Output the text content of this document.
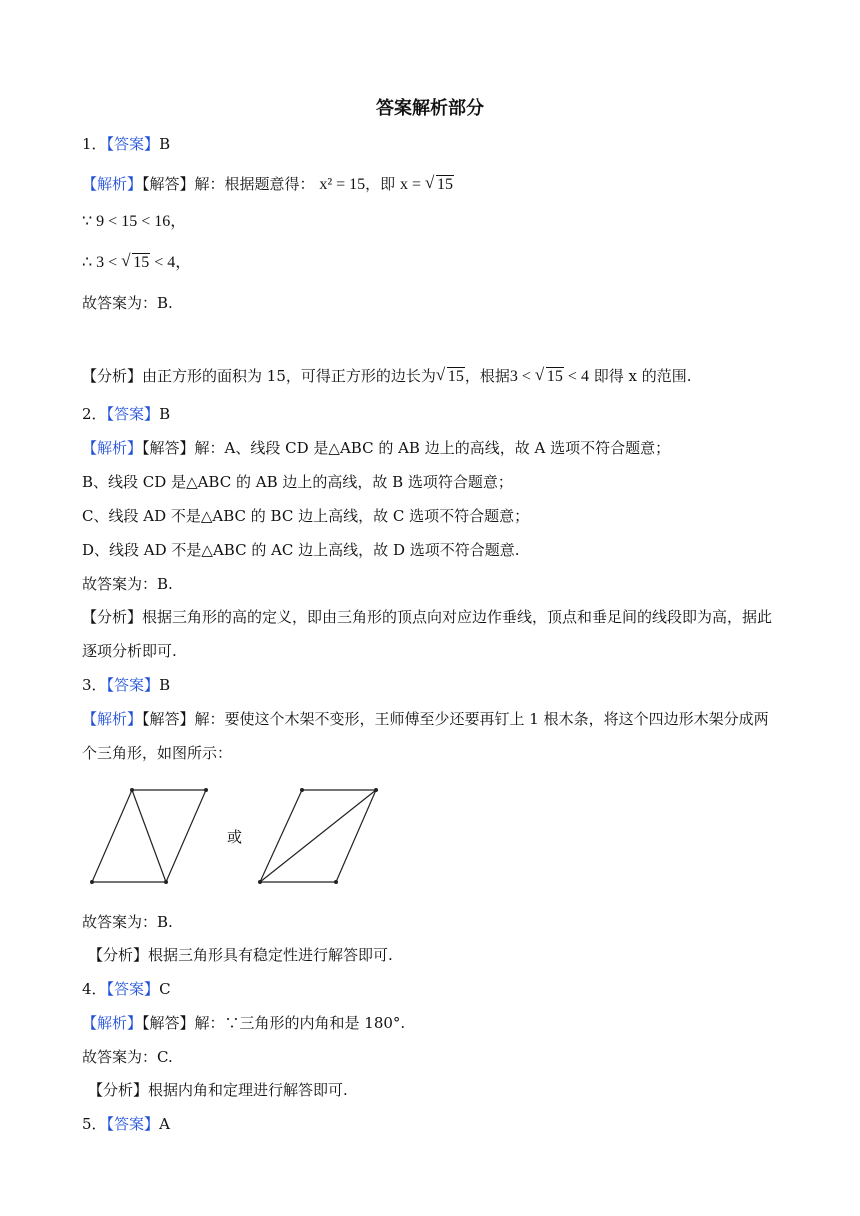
答案解析部分
1．【答案】B
【解析】【解答】解：根据题意得： x² = 15，即 x = √ 15
∵ 9 < 15 < 16，
∴ 3 < √ 15 < 4，
故答案为：B.
【分析】由正方形的面积为 15，可得正方形的边长为√ 15，根据3 < √ 15 < 4 即得 x 的范围.
2．【答案】B
【解析】【解答】解：A、线段 CD 是△ABC 的 AB 边上的高线，故 A 选项不符合题意；
B、线段 CD 是△ABC 的 AB 边上的高线，故 B 选项符合题意；
C、线段 AD 不是△ABC 的 BC 边上高线，故 C 选项不符合题意；
D、线段 AD 不是△ABC 的 AC 边上高线，故 D 选项不符合题意.
故答案为：B.
【分析】根据三角形的高的定义，即由三角形的顶点向对应边作垂线，顶点和垂足间的线段即为高，据此
逐项分析即可.
3．【答案】B
【解析】【解答】解：要使这个木架不变形，王师傅至少还要再钉上 1 根木条，将这个四边形木架分成两
个三角形，如图所示：
或
故答案为：B.
【分析】根据三角形具有稳定性进行解答即可.
4．【答案】C
【解析】【解答】解：∵三角形的内角和是 180°.
故答案为：C.
【分析】根据内角和定理进行解答即可.
5．【答案】A
